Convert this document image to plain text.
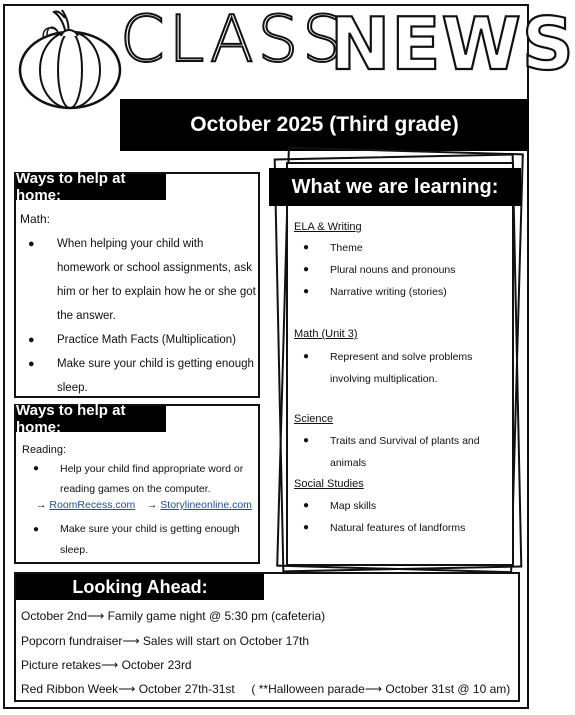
CLASS
NEWS
October 2025 (Third grade)
Ways to help at home:
Math:
● When helping your child with homework or school assignments, ask him or her to explain how he or she got the answer.
● Practice Math Facts (Multiplication)
● Make sure your child is getting enough sleep.
Ways to help at home:
Reading:
● Help your child find appropriate word or reading games on the computer.
→ RoomRecess.com → Storylineonline.com
● Make sure your child is getting enough sleep.
What we are learning:
ELA & Writing
● Theme
● Plural nouns and pronouns
● Narrative writing (stories)
Math (Unit 3)
● Represent and solve problems involving multiplication.
Science
● Traits and Survival of plants and animals
Social Studies
● Map skills
● Natural features of landforms
Looking Ahead:
October 2nd⟶ Family game night @ 5:30 pm (cafeteria)
Popcorn fundraiser⟶ Sales will start on October 17th
Picture retakes⟶ October 23rd
Red Ribbon Week⟶ October 27th-31st     ( **Halloween parade⟶ October 31st @ 10 am)
